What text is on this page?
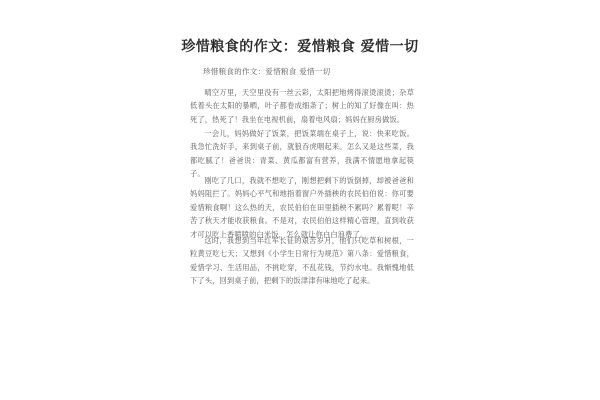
珍惜粮食的作文：爱惜粮食 爱惜一切
珍惜粮食的作文：爱惜粮食 爱惜一切
晴空万里，天空里没有一丝云彩，太阳把地烤得滚烫滚烫；杂草低着头在太阳的暴晒，叶子都卷成细条了；树上的知了好像在叫：热死了，热死了！我坐在电视机前，扇着电风扇；妈妈在厨房做饭。
一会儿，妈妈做好了饭菜，把饭菜端在桌子上，说：快来吃饭。我急忙洗好手，来到桌子前，就狼吞虎咽起来。怎么又是这些菜，我都吃腻了！爸爸说：青菜、黄瓜都富有营养，我满不情愿地拿起筷子。
刚吃了几口，我就不想吃了，刚想把剩下的饭倒掉，却被爸爸和妈妈阻拦了。妈妈心平气和地指着窗户外插秧的农民伯伯说：你可要爱惜粮食啊！这么热的天，农民伯伯在田里插秧不累吗？累着呢！辛苦了秋天才能收获粮食。不是对，农民伯伯这样精心管理，直到收获才可以吃上香喷喷的白米饭，怎么就让你白白浪费了。
这时，我想到当年红军长征的艰苦岁月，他们只吃草和树根，一粒黄豆吃七天；又想到《小学生日常行为规范》第八条：爱惜粮食，爱惜学习、生活用品，不挑吃穿，不乱花钱，节约水电。我惭愧地低下了头，回到桌子前，把剩下的饭津津有味地吃了起来。
